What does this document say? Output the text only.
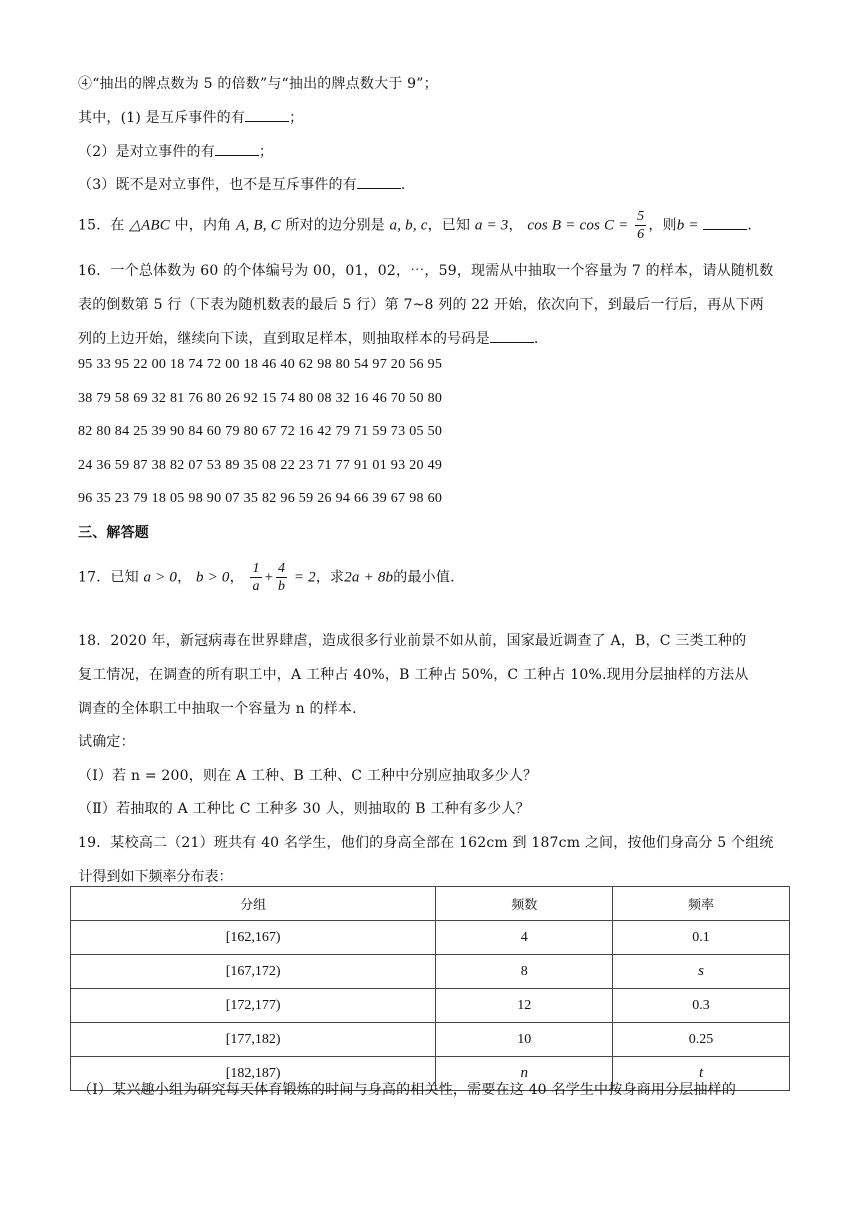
④“抽出的牌点数为 5 的倍数”与“抽出的牌点数大于 9”；
其中，(1) 是互斥事件的有	；
（2）是对立事件的有	；
（3）既不是对立事件，也不是互斥事件的有	.
15．在 △ABC 中，内角 A, B, C 所对的边分别是 a, b, c，已知 a = 3， $\cos B = \cos C = \frac{5}{6}$ ，则b =	.
16．一个总体数为 60 的个体编号为 00，01，02，⋯，59，现需从中抽取一个容量为 7 的样本，请从随机数
表的倒数第 5 行（下表为随机数表的最后 5 行）第 7~8 列的 22 开始，依次向下，到最后一行后，再从下两
列的上边开始，继续向下读，直到取足样本，则抽取样本的号码是	.
95 33 95 22 00 18 74 72 00 18 46 40 62 98 80 54 97 20 56 95
38 79 58 69 32 81 76 80 26 92 15 74 80 08 32 16 46 70 50 80
82 80 84 25 39 90 84 60 79 80 67 72 16 42 79 71 59 73 05 50
24 36 59 87 38 82 07 53 89 35 08 22 23 71 77 91 01 93 20 49
96 35 23 79 18 05 98 90 07 35 82 96 59 26 94 66 39 67 98 60
三、解答题
17．已知 a > 0， b > 0， $\frac{1}{a} + \frac{4}{b} = 2$，求2a + 8b的最小值.
18．2020 年，新冠病毒在世界肆虐，造成很多行业前景不如从前，国家最近调查了 A，B，C 三类工种的
复工情况，在调查的所有职工中，A 工种占 40%，B 工种占 50%，C 工种占 10%.现用分层抽样的方法从
调查的全体职工中抽取一个容量为 n 的样本.
试确定：
（Ⅰ）若 n = 200，则在 A 工种、B 工种、C 工种中分别应抽取多少人？
（Ⅱ）若抽取的 A 工种比 C 工种多 30 人，则抽取的 B 工种有多少人？
19．某校高二（21）班共有 40 名学生，他们的身高全部在 162cm 到 187cm 之间，按他们身高分 5 个组统
计得到如下频率分布表：		
分组	频数	频率
[162,167)	4	0.1
[167,172)	8	s
[172,177)	12	0.3
[177,182)	10	0.25
[182,187)	n	t
（Ⅰ）某兴趣小组为研究每天体育锻炼的时间与身高的相关性，需要在这 40 名学生中按身商用分层抽样的
